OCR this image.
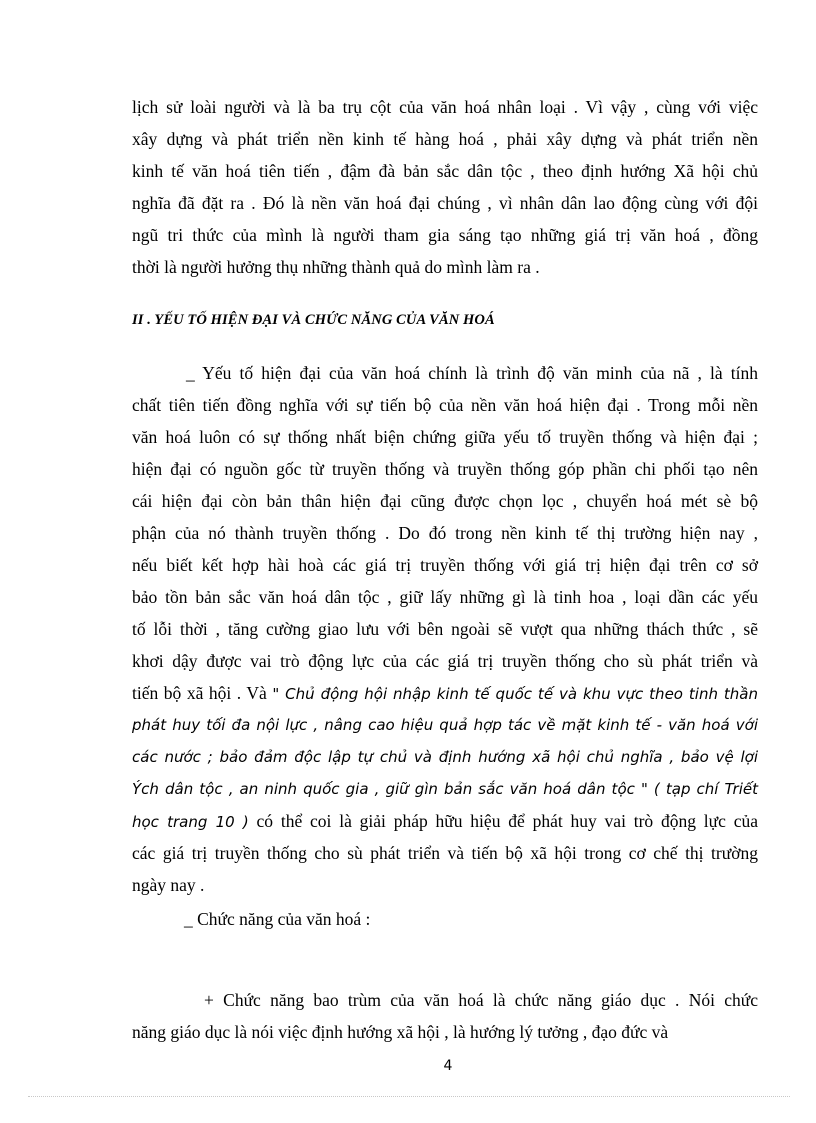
lịch sử loài người và là ba trụ cột của văn hoá nhân loại . Vì vậy , cùng với việc
xây dựng và phát triển nền kinh tế hàng hoá , phải xây dựng và phát triển nền
kinh tế văn hoá tiên tiến , đậm đà bản sắc dân tộc , theo định hướng Xã hội chủ
nghĩa đã đặt ra . Đó là nền văn hoá đại chúng , vì nhân dân lao động cùng với đội
ngũ tri thức của mình là người tham gia sáng tạo những giá trị văn hoá , đồng
thời là người hưởng thụ những thành quả do mình làm ra .
II . YẾU TỐ HIỆN ĐẠI VÀ CHỨC NĂNG CỦA VĂN HOÁ
_ Yếu tố hiện đại của văn hoá chính là trình độ văn minh của nã , là tính
chất tiên tiến đồng nghĩa với sự tiến bộ của nền văn hoá hiện đại . Trong mỗi nền
văn hoá luôn có sự thống nhất biện chứng giữa yếu tố truyền thống và hiện đại ;
hiện đại có nguồn gốc từ truyền thống và truyền thống góp phần chi phối tạo nên
cái hiện đại còn bản thân hiện đại cũng được chọn lọc , chuyển hoá mét sè bộ
phận của nó thành truyền thống . Do đó trong nền kinh tế thị trường hiện nay ,
nếu biết kết hợp hài hoà các giá trị truyền thống với giá trị hiện đại trên cơ sở
bảo tồn bản sắc văn hoá dân tộc , giữ lấy những gì là tinh hoa , loại dần các yếu
tố lỗi thời , tăng cường giao lưu với bên ngoài sẽ vượt qua những thách thức , sẽ
khơi dậy được vai trò động lực của các giá trị truyền thống cho sù phát triển và
tiến bộ xã hội . Và " Chủ động hội nhập kinh tế quốc tế và khu vực theo tinh thần
phát huy tối đa nội lực , nâng cao hiệu quả hợp tác về mặt kinh tế - văn hoá với
các nước ; bảo đảm độc lập tự chủ và định hướng xã hội chủ nghĩa , bảo vệ lợi
Ých dân tộc , an ninh quốc gia , giữ gìn bản sắc văn hoá dân tộc " ( tạp chí Triết
học trang 10 ) có thể coi là giải pháp hữu hiệu để phát huy vai trò động lực của
các giá trị truyền thống cho sù phát triển và tiến bộ xã hội trong cơ chế thị trường
ngày nay .
_ Chức năng của văn hoá :
+ Chức năng bao trùm của văn hoá là chức năng giáo dục . Nói chức
năng giáo dục là nói việc định hướng xã hội , là hướng lý tưởng , đạo đức và
4
